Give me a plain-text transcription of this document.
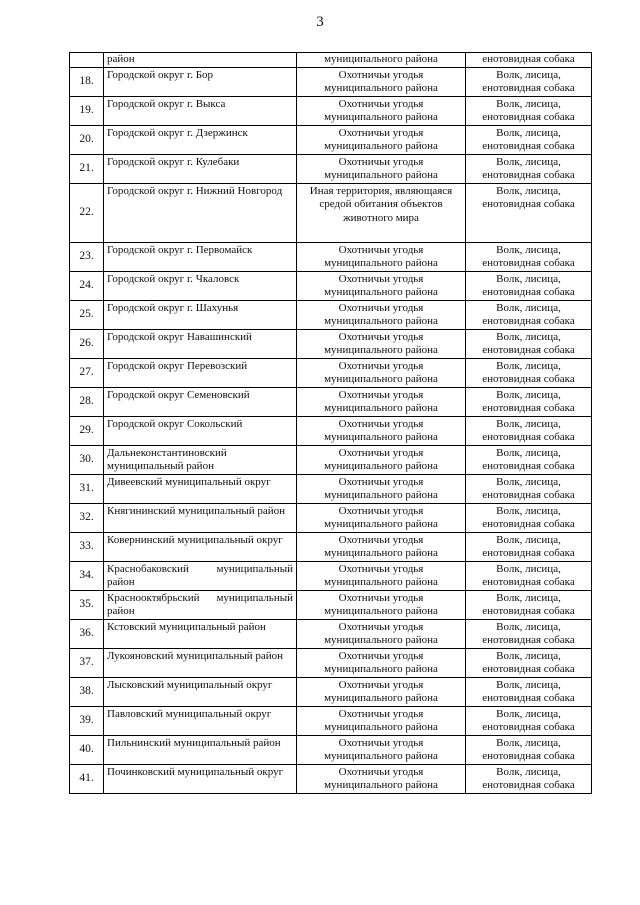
3
	район	муниципального района	енотовидная собака
18.	Городской округ г. Бор	Охотничьи угодья муниципального района	Волк, лисица, енотовидная собака
19.	Городской округ г. Выкса	Охотничьи угодья муниципального района	Волк, лисица, енотовидная собака
20.	Городской округ г. Дзержинск	Охотничьи угодья муниципального района	Волк, лисица, енотовидная собака
21.	Городской округ г. Кулебаки	Охотничьи угодья муниципального района	Волк, лисица, енотовидная собака
22.	Городской округ г. Нижний Новгород	Иная территория, являющаяся средой обитания объектов животного мира	Волк, лисица, енотовидная собака
23.	Городской округ г. Первомайск	Охотничьи угодья муниципального района	Волк, лисица, енотовидная собака
24.	Городской округ г. Чкаловск	Охотничьи угодья муниципального района	Волк, лисица, енотовидная собака
25.	Городской округ г. Шахунья	Охотничьи угодья муниципального района	Волк, лисица, енотовидная собака
26.	Городской округ Навашинский	Охотничьи угодья муниципального района	Волк, лисица, енотовидная собака
27.	Городской округ Перевозский	Охотничьи угодья муниципального района	Волк, лисица, енотовидная собака
28.	Городской округ Семеновский	Охотничьи угодья муниципального района	Волк, лисица, енотовидная собака
29.	Городской округ Сокольский	Охотничьи угодья муниципального района	Волк, лисица, енотовидная собака
30.	Дальнеконстантиновский муниципальный район	Охотничьи угодья муниципального района	Волк, лисица, енотовидная собака
31.	Дивеевский муниципальный округ	Охотничьи угодья муниципального района	Волк, лисица, енотовидная собака
32.	Княгининский муниципальный район	Охотничьи угодья муниципального района	Волк, лисица, енотовидная собака
33.	Ковернинский муниципальный округ	Охотничьи угодья муниципального района	Волк, лисица, енотовидная собака
34.	Краснобаковский муниципальный район	Охотничьи угодья муниципального района	Волк, лисица, енотовидная собака
35.	Краснооктябрьский муниципальный район	Охотничьи угодья муниципального района	Волк, лисица, енотовидная собака
36.	Кстовский муниципальный район	Охотничьи угодья муниципального района	Волк, лисица, енотовидная собака
37.	Лукояновский муниципальный район	Охотничьи угодья муниципального района	Волк, лисица, енотовидная собака
38.	Лысковский муниципальный округ	Охотничьи угодья муниципального района	Волк, лисица, енотовидная собака
39.	Павловский муниципальный округ	Охотничьи угодья муниципального района	Волк, лисица, енотовидная собака
40.	Пильнинский муниципальный район	Охотничьи угодья муниципального района	Волк, лисица, енотовидная собака
41.	Починковский муниципальный округ	Охотничьи угодья муниципального района	Волк, лисица, енотовидная собака
